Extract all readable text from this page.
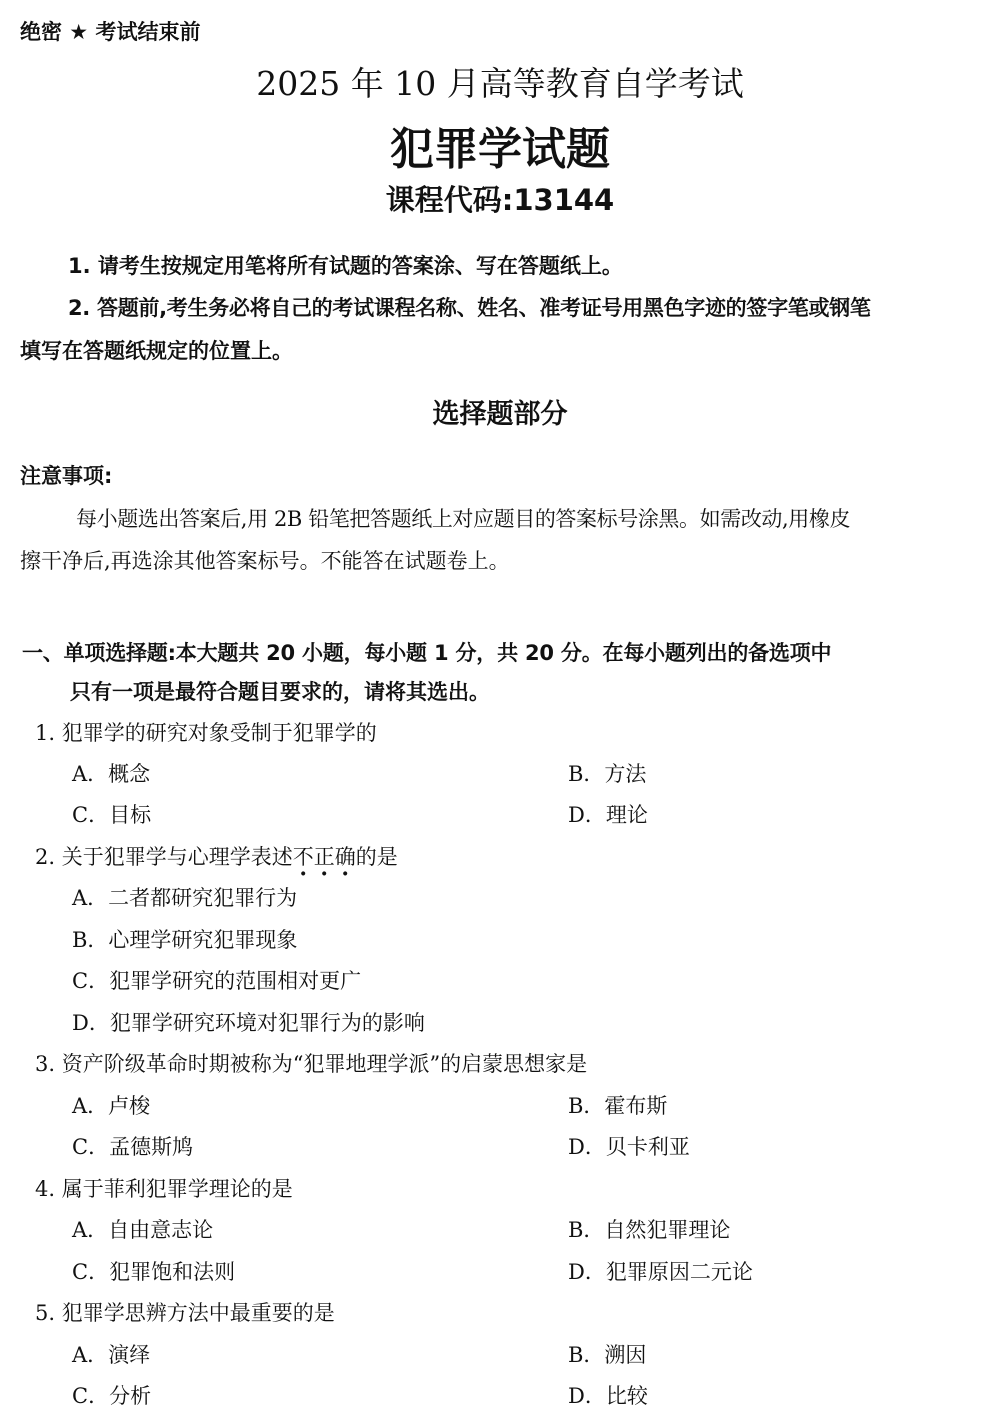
绝密 ★ 考试结束前
2025 年 10 月高等教育自学考试
犯罪学试题
课程代码:13144
1. 请考生按规定用笔将所有试题的答案涂、写在答题纸上。
2. 答题前,考生务必将自己的考试课程名称、姓名、准考证号用黑色字迹的签字笔或钢笔
填写在答题纸规定的位置上。
选择题部分
注意事项:
每小题选出答案后,用 2B 铅笔把答题纸上对应题目的答案标号涂黑。如需改动,用橡皮
擦干净后,再选涂其他答案标号。不能答在试题卷上。
一、单项选择题:本大题共 20 小题，每小题 1 分，共 20 分。在每小题列出的备选项中
只有一项是最符合题目要求的，请将其选出。
1. 犯罪学的研究对象受制于犯罪学的
A．概念	B．方法
C．目标	D．理论
2. 关于犯罪学与心理学表述不正确的是
A．二者都研究犯罪行为
B．心理学研究犯罪现象
C．犯罪学研究的范围相对更广
D．犯罪学研究环境对犯罪行为的影响
3. 资产阶级革命时期被称为“犯罪地理学派”的启蒙思想家是
A．卢梭	B．霍布斯
C．孟德斯鸠	D．贝卡利亚
4. 属于菲利犯罪学理论的是
A．自由意志论	B．自然犯罪理论
C．犯罪饱和法则	D．犯罪原因二元论
5. 犯罪学思辨方法中最重要的是
A．演绎	B．溯因
C．分析	D．比较
